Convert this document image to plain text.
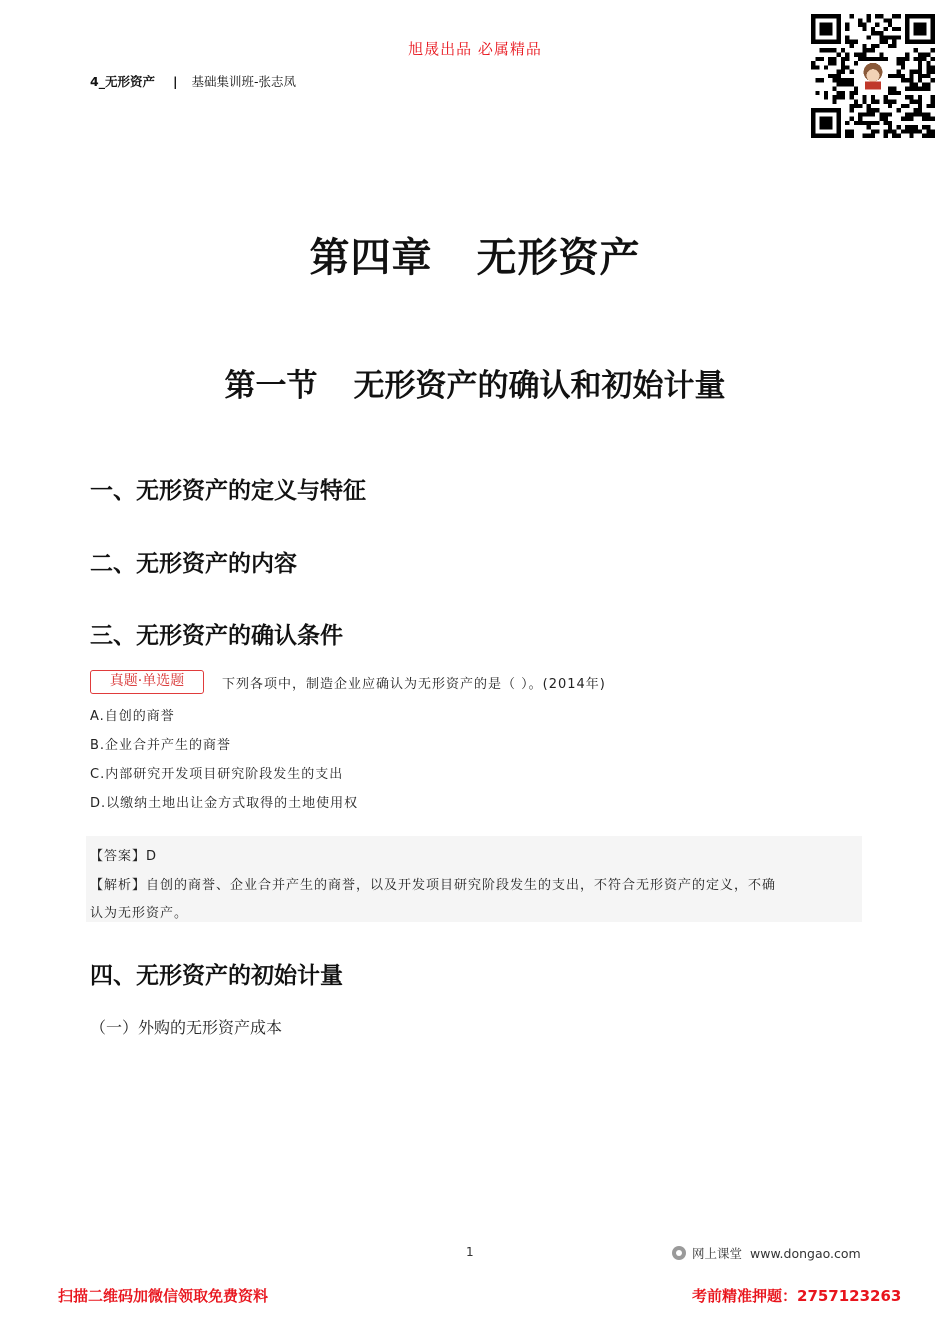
旭晟出品 必属精品
4_无形资产 | 基础集训班-张志凤
第四章 无形资产
第一节 无形资产的确认和初始计量
一、无形资产的定义与特征
二、无形资产的内容
三、无形资产的确认条件
真题·单选题	下列各项中，制造企业应确认为无形资产的是（ ）。(2014年)
A.自创的商誉
B.企业合并产生的商誉
C.内部研究开发项目研究阶段发生的支出
D.以缴纳土地出让金方式取得的土地使用权
【答案】D
【解析】自创的商誉、企业合并产生的商誉，以及开发项目研究阶段发生的支出，不符合无形资产的定义，不确
认为无形资产。
四、无形资产的初始计量
（一）外购的无形资产成本
1	网上课堂 www.dongao.com
扫描二维码加微信领取免费资料	考前精准押题：2757123263
